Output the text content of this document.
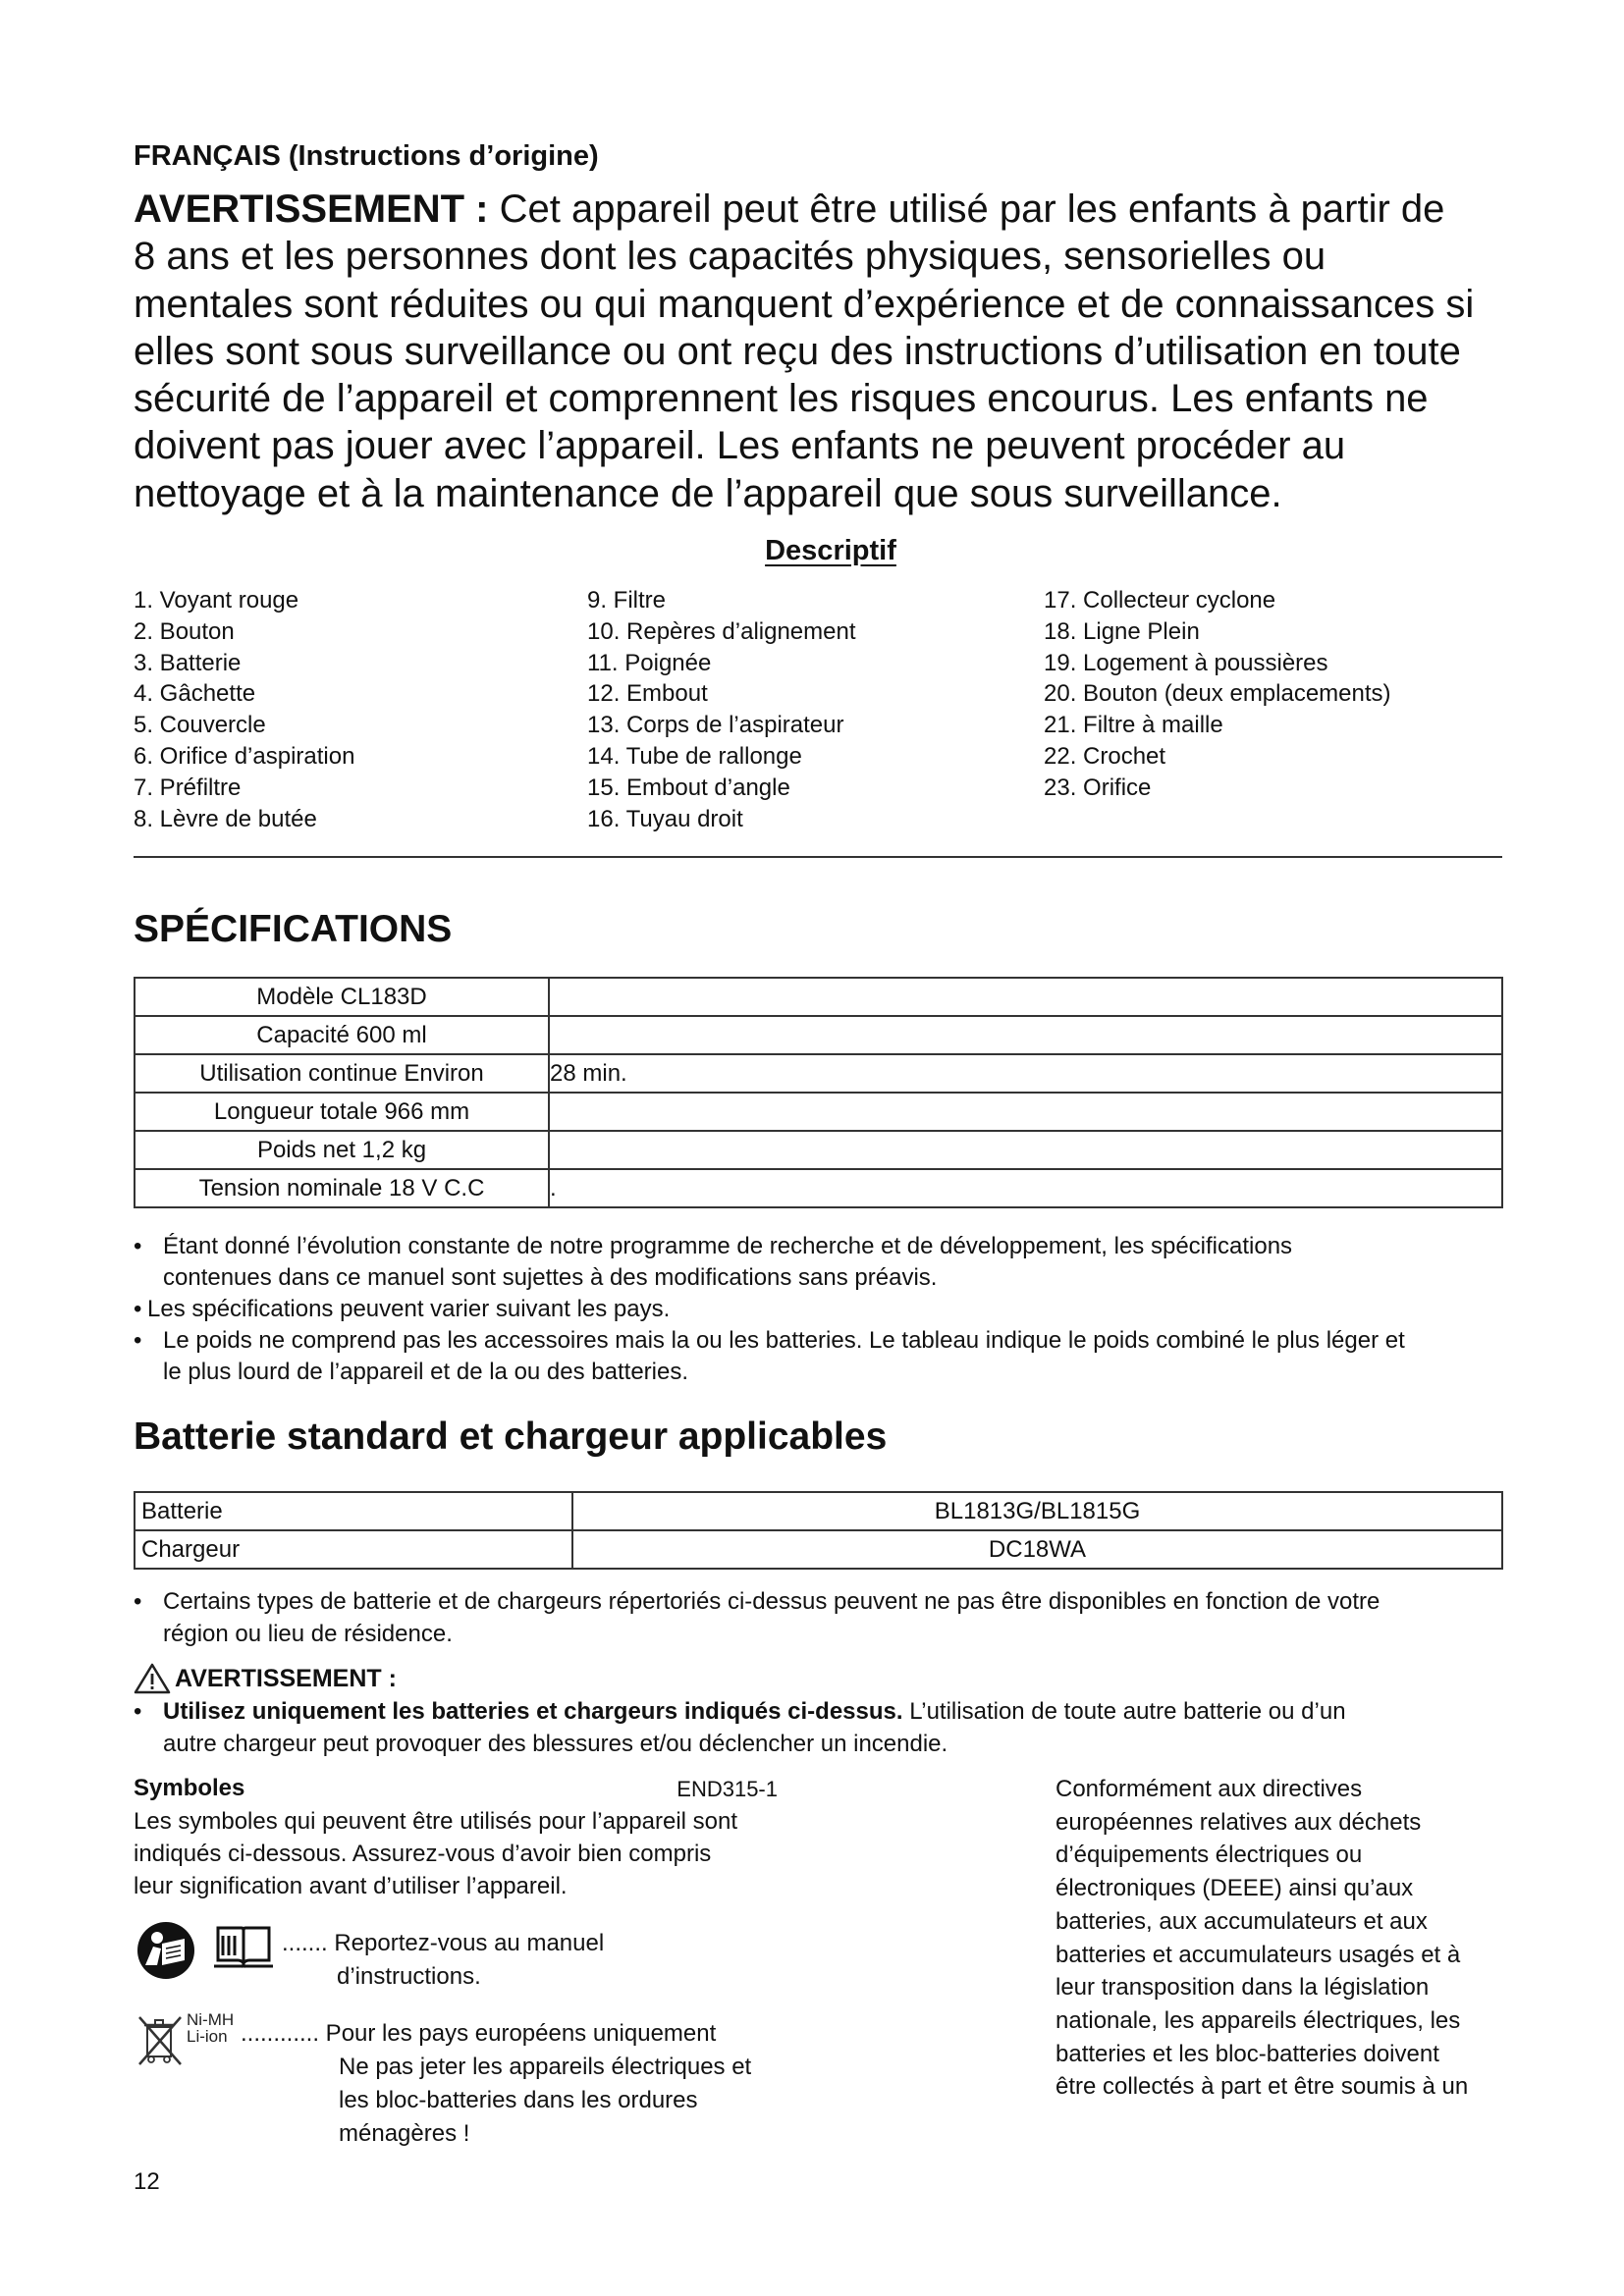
FRANÇAIS (Instructions d’origine)
AVERTISSEMENT : Cet appareil peut être utilisé par les enfants à partir de
8 ans et les personnes dont les capacités physiques, sensorielles ou
mentales sont réduites ou qui manquent d’expérience et de connaissances si
elles sont sous surveillance ou ont reçu des instructions d’utilisation en toute
sécurité de l’appareil et comprennent les risques encourus. Les enfants ne
doivent pas jouer avec l’appareil. Les enfants ne peuvent procéder au
nettoyage et à la maintenance de l’appareil que sous surveillance.
Descriptif
1. Voyant rouge
2. Bouton
3. Batterie
4. Gâchette
5. Couvercle
6. Orifice d’aspiration
7. Préfiltre
8. Lèvre de butée
9. Filtre
10. Repères d’alignement
11. Poignée
12. Embout
13. Corps de l’aspirateur
14. Tube de rallonge
15. Embout d’angle
16. Tuyau droit
17. Collecteur cyclone
18. Ligne Plein
19. Logement à poussières
20. Bouton (deux emplacements)
21. Filtre à maille
22. Crochet
23. Orifice
SPÉCIFICATIONS
Modèle CL183D	
Capacité 600 ml	
Utilisation continue Environ	28 min.
Longueur totale 966 mm	
Poids net 1,2 kg	
Tension nominale 18 V C.C	.
• Étant donné l’évolution constante de notre programme de recherche et de développement, les spécifications
contenues dans ce manuel sont sujettes à des modifications sans préavis.
• Les spécifications peuvent varier suivant les pays.
• Le poids ne comprend pas les accessoires mais la ou les batteries. Le tableau indique le poids combiné le plus léger et
le plus lourd de l’appareil et de la ou des batteries.
Batterie standard et chargeur applicables
Batterie	BL1813G/BL1815G
Chargeur	DC18WA
• Certains types de batterie et de chargeurs répertoriés ci-dessus peuvent ne pas être disponibles en fonction de votre
région ou lieu de résidence.
AVERTISSEMENT :
• Utilisez uniquement les batteries et chargeurs indiqués ci-dessus. L’utilisation de toute autre batterie ou d’un
autre chargeur peut provoquer des blessures et/ou déclencher un incendie.
Symboles	END315-1
Les symboles qui peuvent être utilisés pour l’appareil sont
indiqués ci-dessous. Assurez-vous d’avoir bien compris
leur signification avant d’utiliser l’appareil.
....... Reportez-vous au manuel
d’instructions.
Ni-MH
Li-ion ............ Pour les pays européens uniquement
Ne pas jeter les appareils électriques et
les bloc-batteries dans les ordures
ménagères !
Conformément aux directives
européennes relatives aux déchets
d’équipements électriques ou
électroniques (DEEE) ainsi qu’aux
batteries, aux accumulateurs et aux
batteries et accumulateurs usagés et à
leur transposition dans la législation
nationale, les appareils électriques, les
batteries et les bloc-batteries doivent
être collectés à part et être soumis à un
12
